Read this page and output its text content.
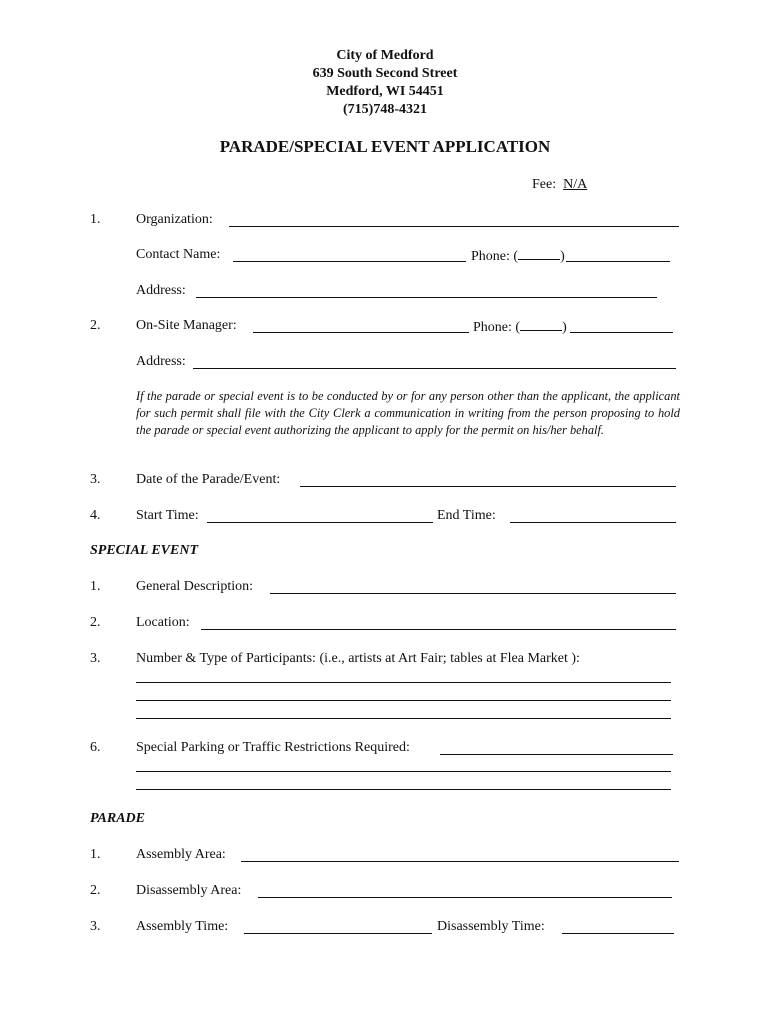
City of Medford
639 South Second Street
Medford, WI 54451
(715)748-4321
PARADE/SPECIAL EVENT APPLICATION
Fee: N/A
1.	Organization:
Contact Name:	Phone: (	)
Address:
2.	On-Site Manager:	Phone: (	)
Address:
If the parade or special event is to be conducted by or for any person other than the applicant, the applicant for such permit shall file with the City Clerk a communication in writing from the person proposing to hold the parade or special event authorizing the applicant to apply for the permit on his/her behalf.
3.	Date of the Parade/Event:
4.	Start Time:	End Time:
SPECIAL EVENT
1.	General Description:
2.	Location:
3.	Number & Type of Participants: (i.e., artists at Art Fair; tables at Flea Market ):
6.	Special Parking or Traffic Restrictions Required:
PARADE
1.	Assembly Area:
2.	Disassembly Area:
3.	Assembly Time:	Disassembly Time:
